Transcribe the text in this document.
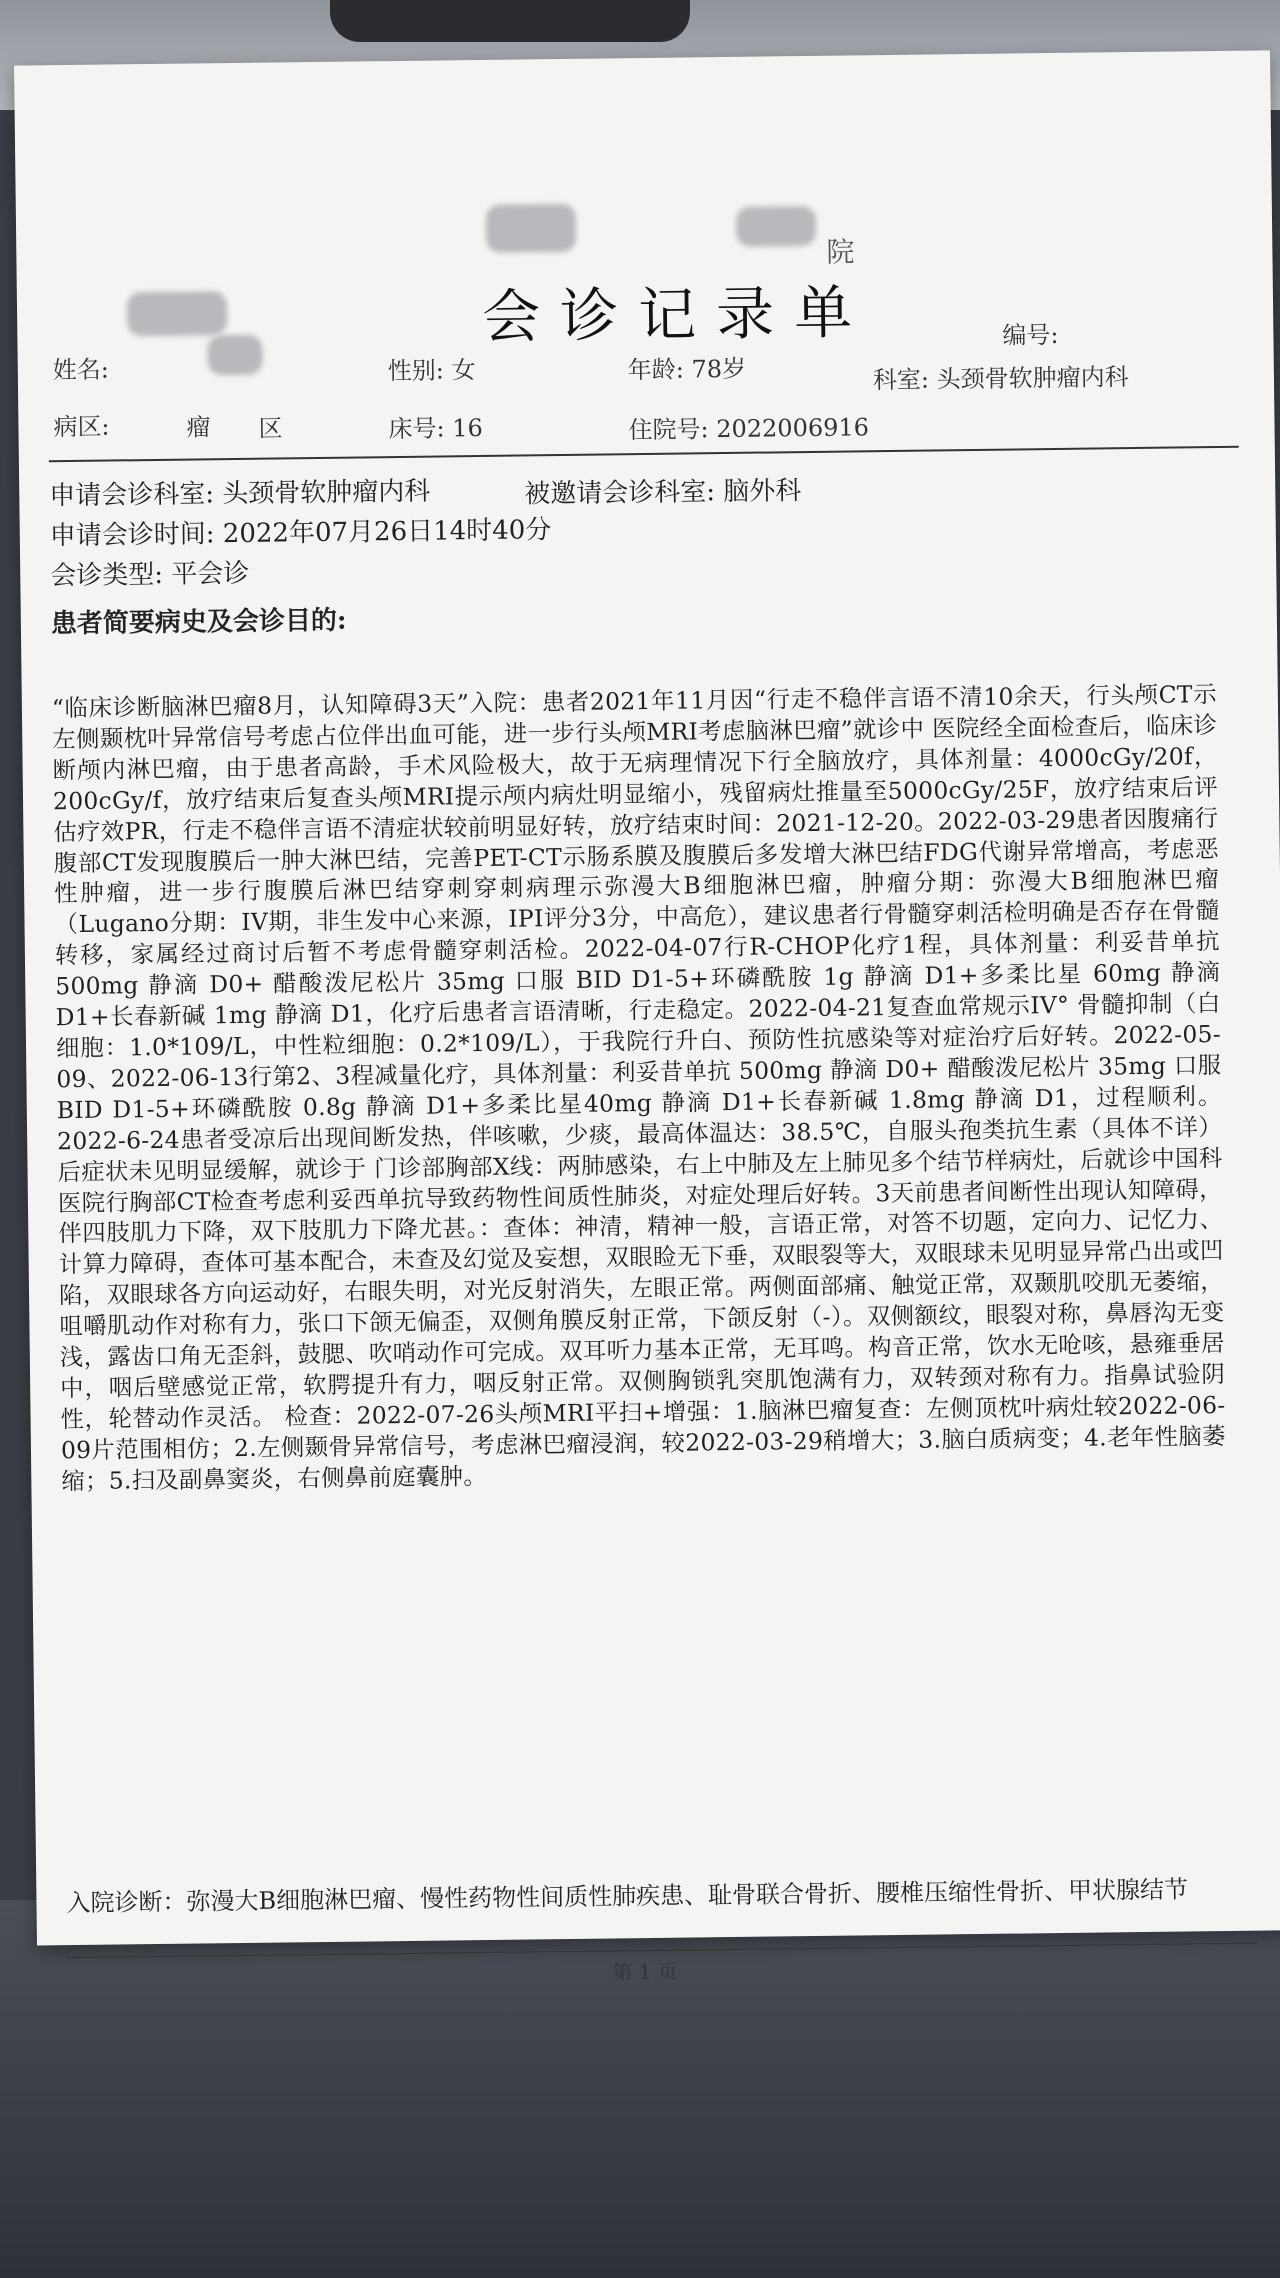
院
会诊记录单	编号:
姓名:	性别: 女	年龄: 78岁	科室: 头颈骨软肿瘤内科
病区:	瘤 区	床号: 16	住院号: 2022006916
申请会诊科室: 头颈骨软肿瘤内科	被邀请会诊科室: 脑外科
申请会诊时间: 2022年07月26日14时40分
会诊类型: 平会诊
患者简要病史及会诊目的:
“临床诊断脑淋巴瘤8月，认知障碍3天”入院：患者2021年11月因“行走不稳伴言语不清10余天，行头颅CT示左侧颞枕叶异常信号考虑占位伴出血可能，进一步行头颅MRI考虑脑淋巴瘤”就诊中 医院经全面检查后，临床诊断颅内淋巴瘤，由于患者高龄，手术风险极大，故于无病理情况下行全脑放疗，具体剂量：4000cGy/20f，200cGy/f，放疗结束后复查头颅MRI提示颅内病灶明显缩小，残留病灶推量至5000cGy/25F，放疗结束后评估疗效PR，行走不稳伴言语不清症状较前明显好转，放疗结束时间：2021-12-20。2022-03-29患者因腹痛行腹部CT发现腹膜后一肿大淋巴结，完善PET-CT示肠系膜及腹膜后多发增大淋巴结FDG代谢异常增高，考虑恶性肿瘤，进一步行腹膜后淋巴结穿刺穿刺病理示弥漫大B细胞淋巴瘤，肿瘤分期：弥漫大B细胞淋巴瘤（Lugano分期：IV期，非生发中心来源，IPI评分3分，中高危），建议患者行骨髓穿刺活检明确是否存在骨髓转移，家属经过商讨后暂不考虑骨髓穿刺活检。2022-04-07行R-CHOP化疗1程，具体剂量：利妥昔单抗 500mg 静滴 D0+ 醋酸泼尼松片 35mg 口服 BID D1-5+环磷酰胺 1g 静滴 D1+多柔比星 60mg 静滴 D1+长春新碱 1mg 静滴 D1，化疗后患者言语清晰，行走稳定。2022-04-21复查血常规示IV° 骨髓抑制（白细胞：1.0*109/L，中性粒细胞：0.2*109/L），于我院行升白、预防性抗感染等对症治疗后好转。2022-05-09、2022-06-13行第2、3程减量化疗，具体剂量：利妥昔单抗 500mg 静滴 D0+ 醋酸泼尼松片 35mg 口服 BID D1-5+环磷酰胺 0.8g 静滴 D1+多柔比星40mg 静滴 D1+长春新碱 1.8mg 静滴 D1，过程顺利。2022-6-24患者受凉后出现间断发热，伴咳嗽，少痰，最高体温达：38.5℃，自服头孢类抗生素（具体不详）后症状未见明显缓解，就诊于 门诊部胸部X线：两肺感染，右上中肺及左上肺见多个结节样病灶，后就诊中国科 医院行胸部CT检查考虑利妥西单抗导致药物性间质性肺炎，对症处理后好转。3天前患者间断性出现认知障碍，伴四肢肌力下降，双下肢肌力下降尤甚。：查体：神清，精神一般，言语正常，对答不切题，定向力、记忆力、计算力障碍，查体可基本配合，未查及幻觉及妄想，双眼睑无下垂，双眼裂等大，双眼球未见明显异常凸出或凹陷，双眼球各方向运动好，右眼失明，对光反射消失，左眼正常。两侧面部痛、触觉正常，双颞肌咬肌无萎缩，咀嚼肌动作对称有力，张口下颌无偏歪，双侧角膜反射正常，下颌反射（-）。双侧额纹，眼裂对称，鼻唇沟无变浅，露齿口角无歪斜，鼓腮、吹哨动作可完成。双耳听力基本正常，无耳鸣。构音正常，饮水无呛咳，悬雍垂居中，咽后壁感觉正常，软腭提升有力，咽反射正常。双侧胸锁乳突肌饱满有力，双转颈对称有力。指鼻试验阴性，轮替动作灵活。 检查：2022-07-26头颅MRI平扫+增强：1.脑淋巴瘤复查：左侧顶枕叶病灶较2022-06-09片范围相仿；2.左侧颞骨异常信号，考虑淋巴瘤浸润，较2022-03-29稍增大；3.脑白质病变；4.老年性脑萎缩；5.扫及副鼻窦炎，右侧鼻前庭囊肿。
入院诊断：弥漫大B细胞淋巴瘤、慢性药物性间质性肺疾患、耻骨联合骨折、腰椎压缩性骨折、甲状腺结节
第 1 页
